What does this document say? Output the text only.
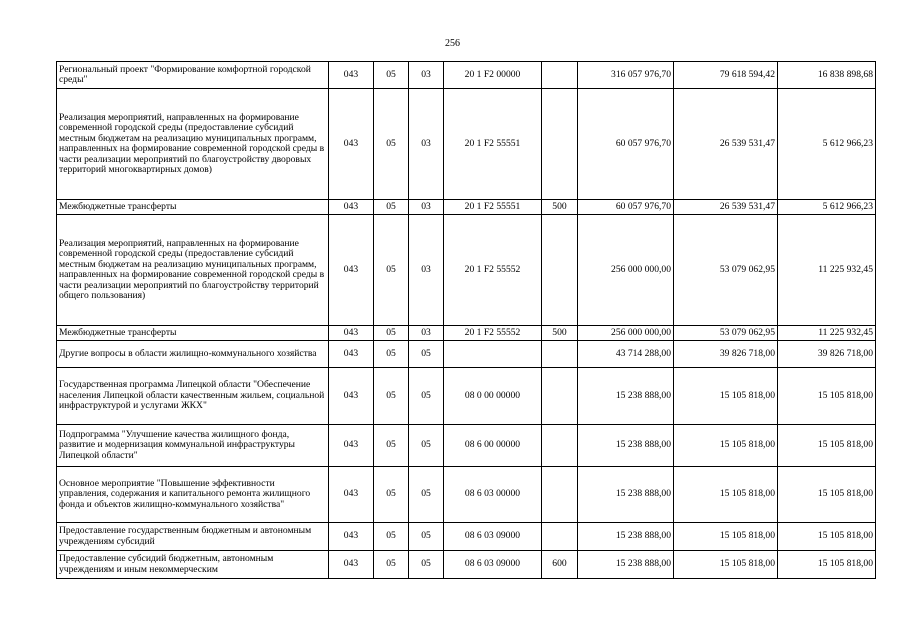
256
Региональный проект "Формирование комфортной городской среды"	043	05	03	20 1 F2 00000		316 057 976,70	79 618 594,42	16 838 898,68
Реализация мероприятий, направленных на формирование современной городской среды (предоставление субсидий местным бюджетам на реализацию муниципальных программ, направленных на формирование современной городской среды в части реализации мероприятий по благоустройству дворовых территорий многоквартирных домов)	043	05	03	20 1 F2 55551		60 057 976,70	26 539 531,47	5 612 966,23
Межбюджетные трансферты	043	05	03	20 1 F2 55551	500	60 057 976,70	26 539 531,47	5 612 966,23
Реализация мероприятий, направленных на формирование современной городской среды (предоставление субсидий местным бюджетам на реализацию муниципальных программ, направленных на формирование современной городской среды в части реализации мероприятий по благоустройству территорий общего пользования)	043	05	03	20 1 F2 55552		256 000 000,00	53 079 062,95	11 225 932,45
Межбюджетные трансферты	043	05	03	20 1 F2 55552	500	256 000 000,00	53 079 062,95	11 225 932,45
Другие вопросы в области жилищно-коммунального хозяйства	043	05	05			43 714 288,00	39 826 718,00	39 826 718,00
Государственная программа Липецкой области "Обеспечение населения Липецкой области качественным жильем, социальной инфраструктурой и услугами ЖКХ"	043	05	05	08 0 00 00000		15 238 888,00	15 105 818,00	15 105 818,00
Подпрограмма "Улучшение качества жилищного фонда, развитие и модернизация коммунальной инфраструктуры Липецкой области"	043	05	05	08 6 00 00000		15 238 888,00	15 105 818,00	15 105 818,00
Основное мероприятие "Повышение эффективности управления, содержания и капитального ремонта жилищного фонда и объектов жилищно-коммунального хозяйства"	043	05	05	08 6 03 00000		15 238 888,00	15 105 818,00	15 105 818,00
Предоставление государственным бюджетным и автономным учреждениям субсидий	043	05	05	08 6 03 09000		15 238 888,00	15 105 818,00	15 105 818,00
Предоставление субсидий бюджетным, автономным учреждениям и иным некоммерческим	043	05	05	08 6 03 09000	600	15 238 888,00	15 105 818,00	15 105 818,00
